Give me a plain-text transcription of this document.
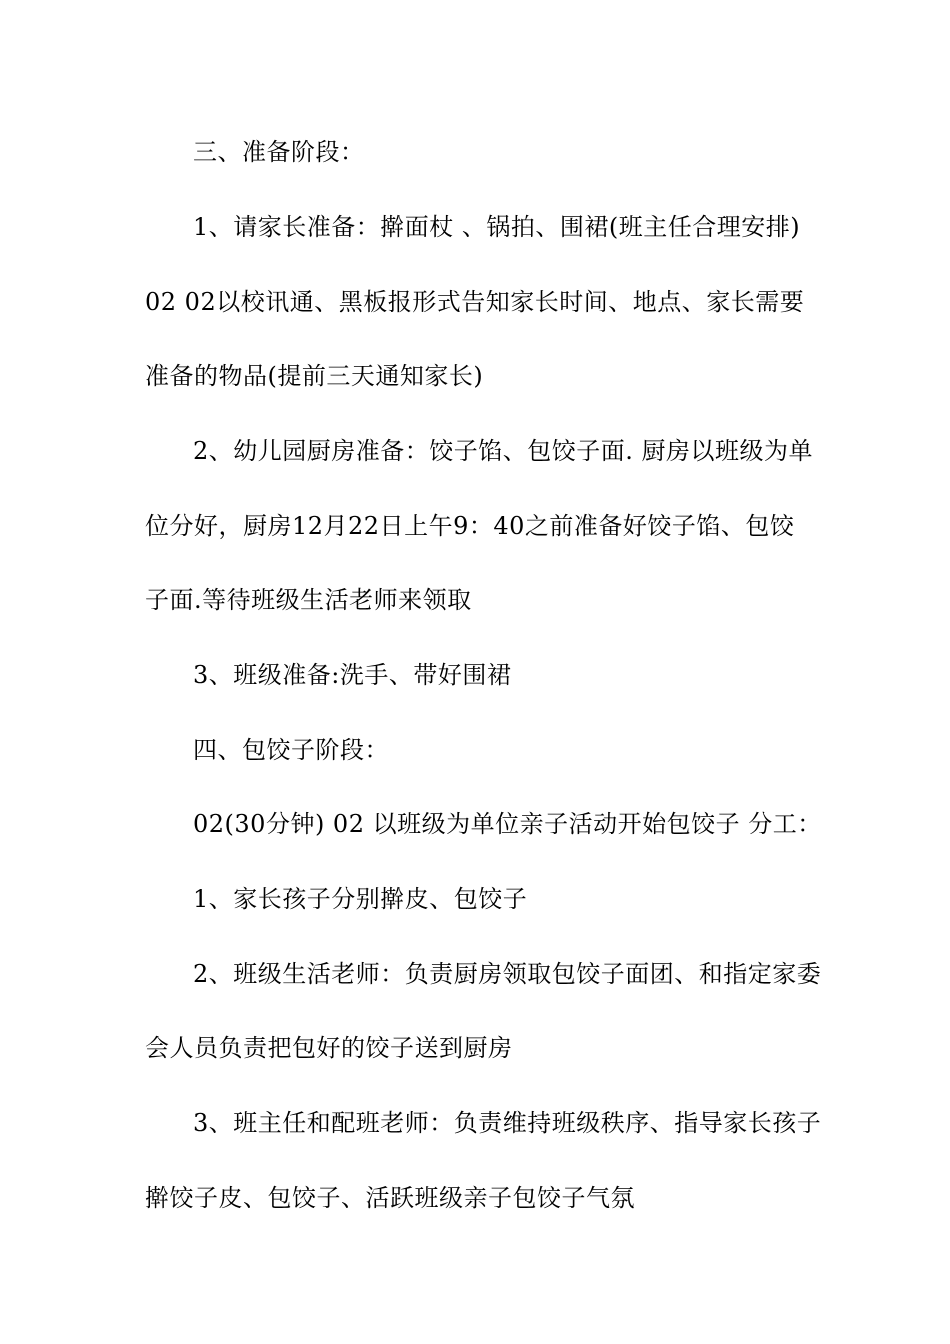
三、准备阶段：
1、请家长准备：擀面杖 、锅拍、围裙(班主任合理安排)
02 02以校讯通、黑板报形式告知家长时间、地点、家长需要
准备的物品(提前三天通知家长)
2、幼儿园厨房准备：饺子馅、包饺子面. 厨房以班级为单
位分好，厨房12月22日上午9：40之前准备好饺子馅、包饺
子面.等待班级生活老师来领取
3、班级准备:洗手、带好围裙
四、包饺子阶段：
02(30分钟) 02 以班级为单位亲子活动开始包饺子 分工：
1、家长孩子分别擀皮、包饺子
2、班级生活老师：负责厨房领取包饺子面团、和指定家委
会人员负责把包好的饺子送到厨房
3、班主任和配班老师：负责维持班级秩序、指导家长孩子
擀饺子皮、包饺子、活跃班级亲子包饺子气氛
